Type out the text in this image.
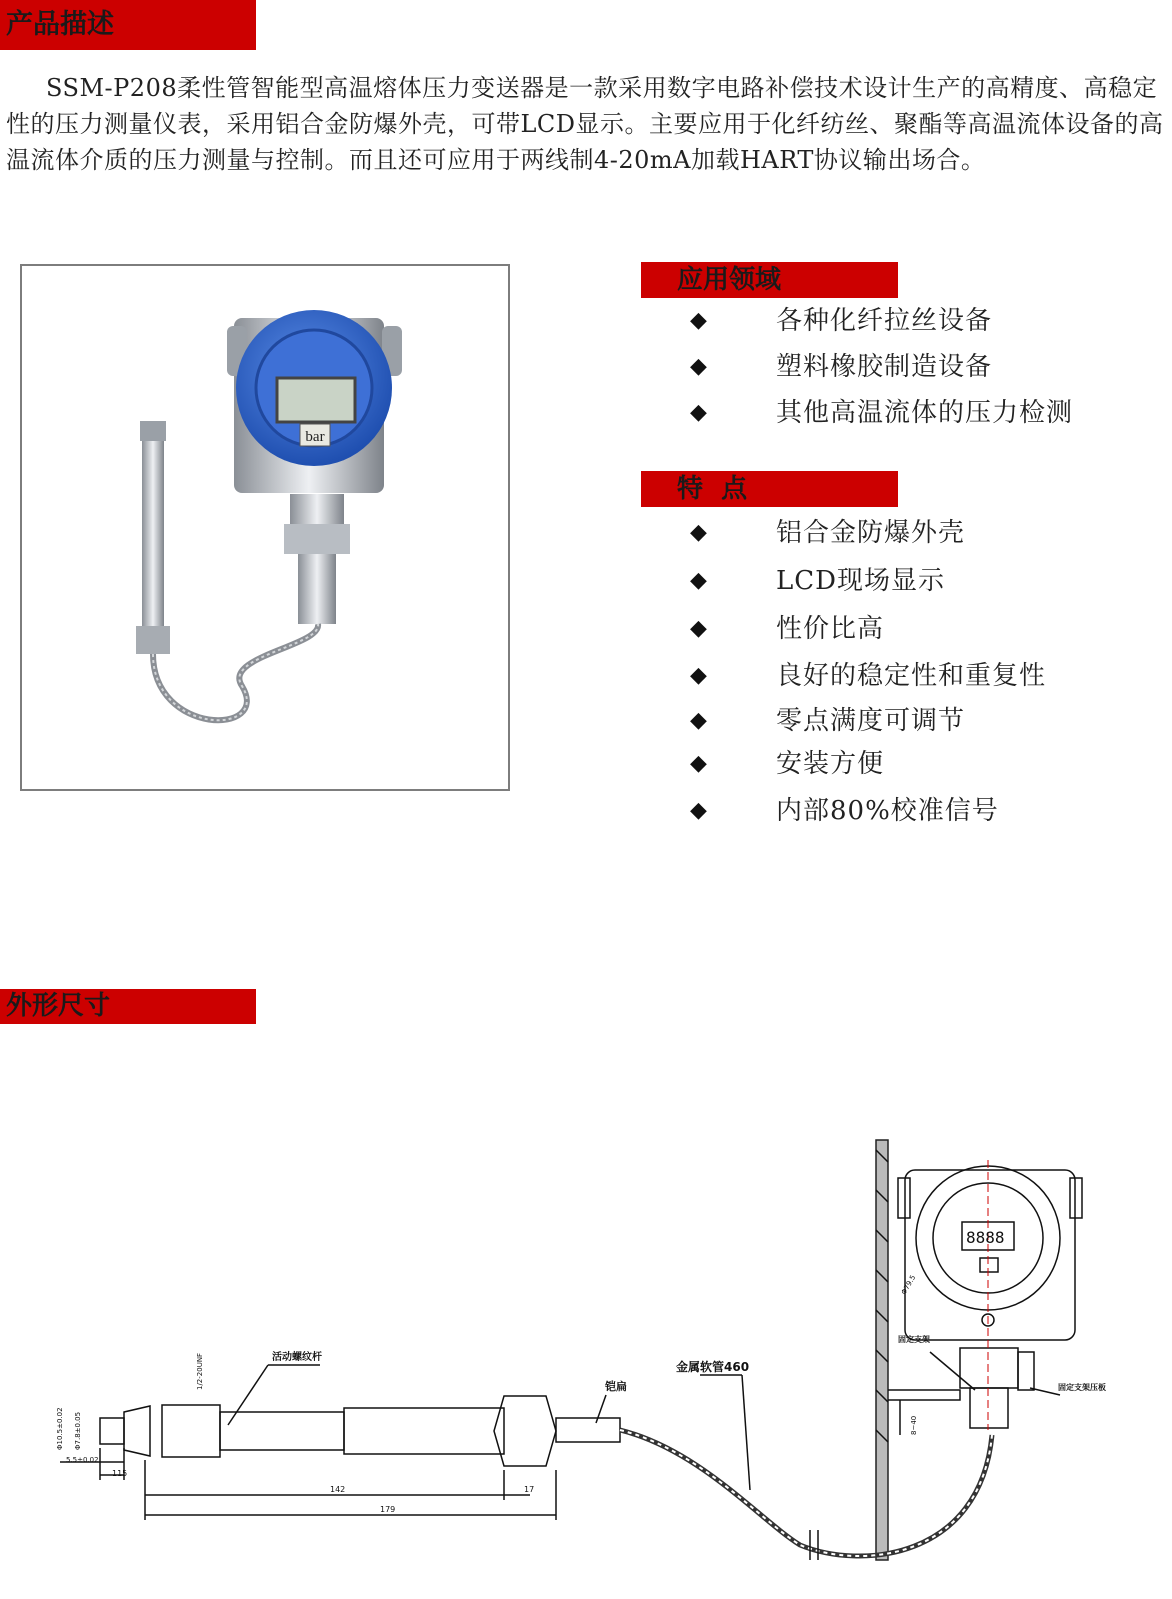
产品描述

SSM-P208柔性管智能型高温熔体压力变送器是一款采用数字电路补偿技术设计生产的高精度、高稳定性的压力测量仪表，采用铝合金防爆外壳，可带LCD显示。主要应用于化纤纺丝、聚酯等高温流体设备的高温流体介质的压力测量与控制。而且还可应用于两线制4-20mA加载HART协议输出场合。

bar
应用领域
◆	各种化纤拉丝设备
◆	塑料橡胶制造设备
◆	其他高温流体的压力检测
特  点
◆	铝合金防爆外壳
◆	LCD现场显示
◆	性价比高
◆	良好的稳定性和重复性
◆	零点满度可调节
◆	安装方便
◆	内部80%校准信号
外形尺寸
活动螺纹杆
金属软管460
铠扁
固定支架
固定支架压板
142
179
17
115
5.5±0.02
1/2-20UNF
Φ7.8±0.05
Φ10.5±0.02
Φ79.5
8888
8~40
